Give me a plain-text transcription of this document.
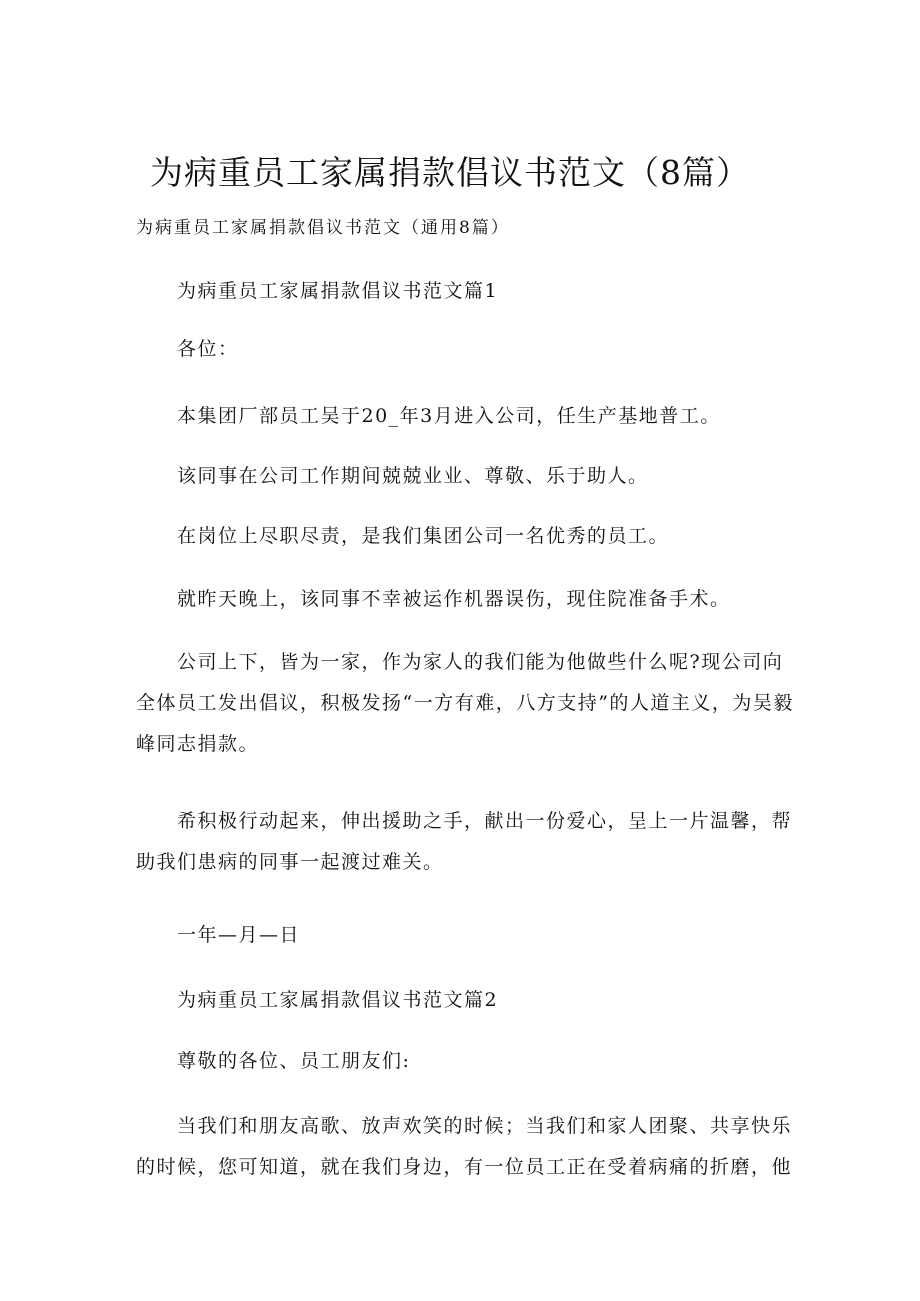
为病重员工家属捐款倡议书范文（8篇）

为病重员工家属捐款倡议书范文（通用8篇）

为病重员工家属捐款倡议书范文篇1

各位：

本集团厂部员工吴于20_年3月进入公司，任生产基地普工。

该同事在公司工作期间兢兢业业、尊敬、乐于助人。

在岗位上尽职尽责，是我们集团公司一名优秀的员工。

就昨天晚上，该同事不幸被运作机器误伤，现住院准备手术。

公司上下，皆为一家，作为家人的我们能为他做些什么呢?现公司向全体员工发出倡议，积极发扬“一方有难，八方支持”的人道主义，为吴毅峰同志捐款。

希积极行动起来，伸出援助之手，献出一份爱心，呈上一片温馨，帮助我们患病的同事一起渡过难关。

一年—月—日

为病重员工家属捐款倡议书范文篇2

尊敬的各位、员工朋友们:

当我们和朋友高歌、放声欢笑的时候；当我们和家人团聚、共享快乐的时候，您可知道，就在我们身边，有一位员工正在受着病痛的折磨，他
